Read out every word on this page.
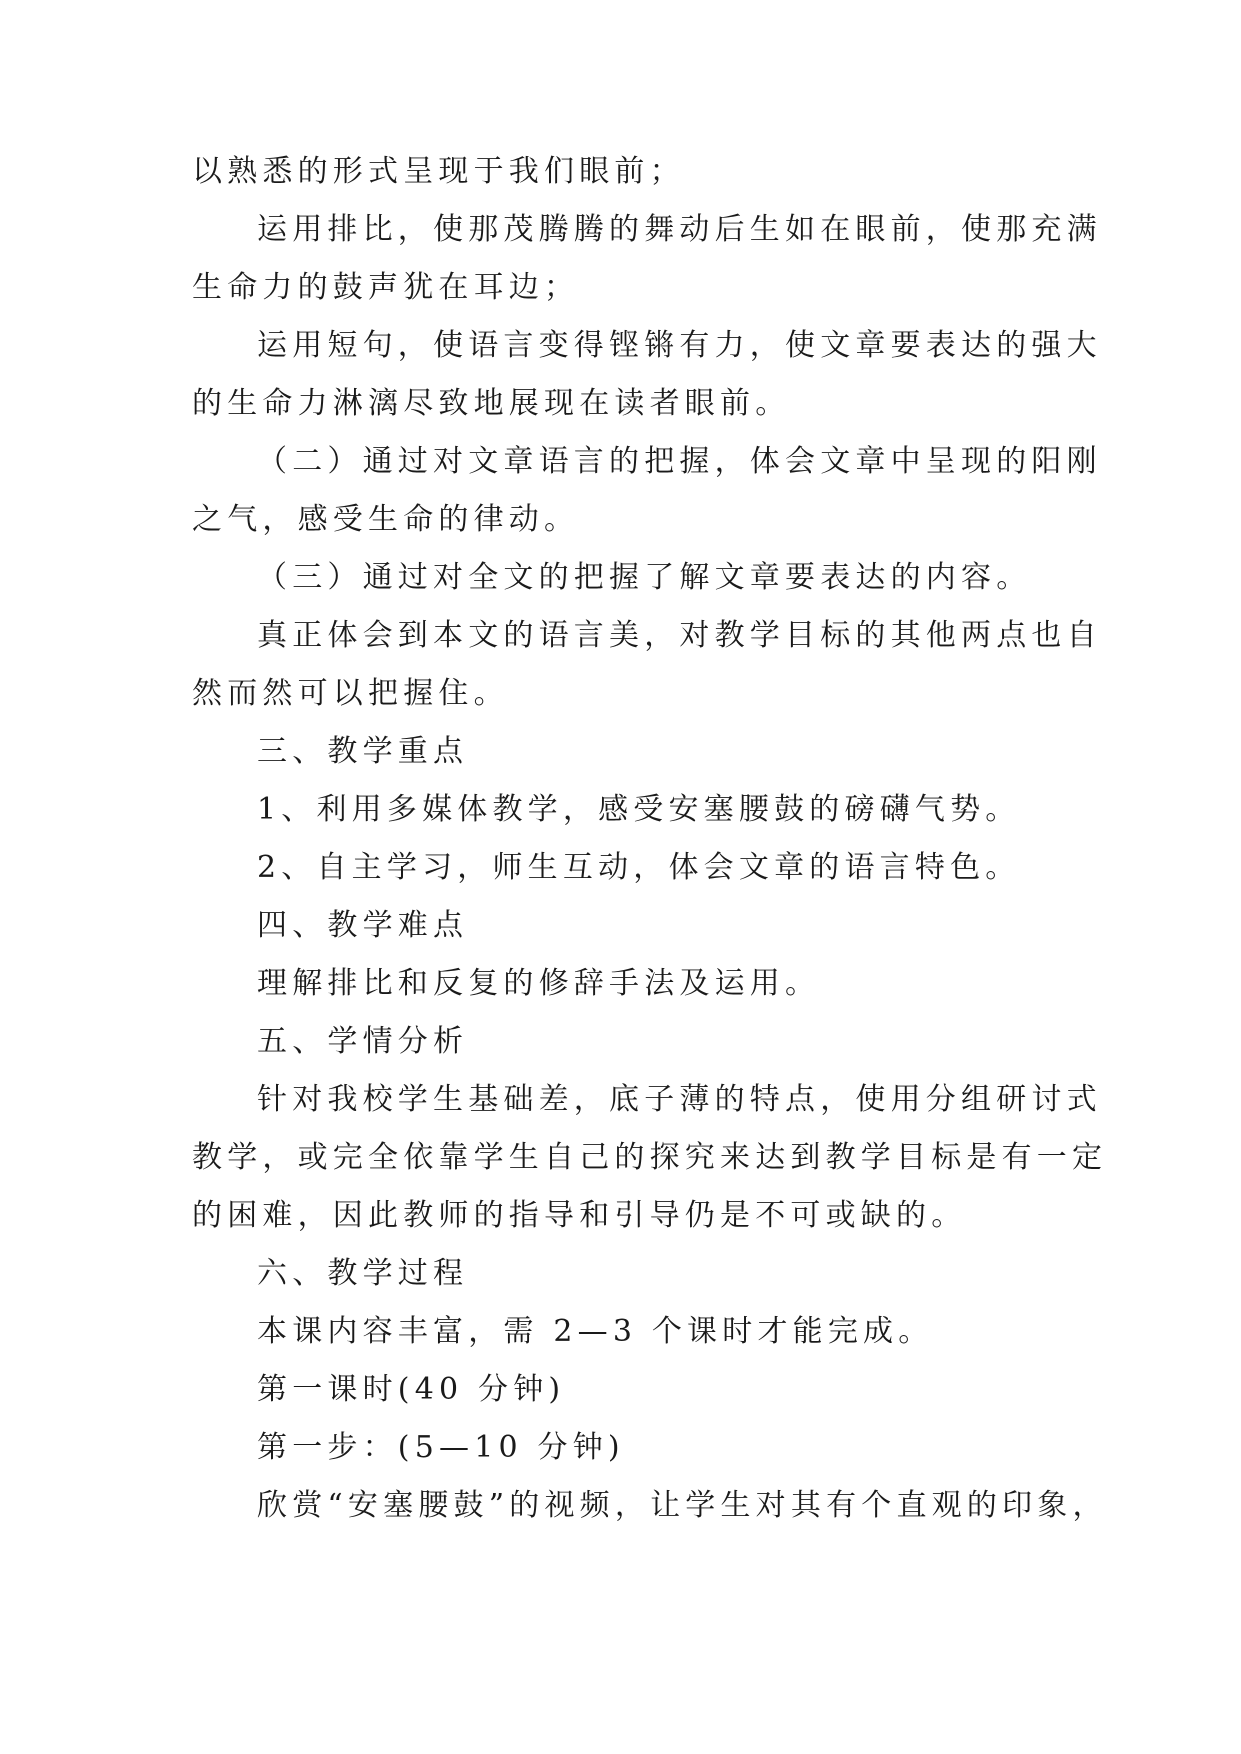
以熟悉的形式呈现于我们眼前；
运用排比，使那茂腾腾的舞动后生如在眼前，使那充满
生命力的鼓声犹在耳边；
运用短句，使语言变得铿锵有力，使文章要表达的强大
的生命力淋漓尽致地展现在读者眼前。
（二）通过对文章语言的把握，体会文章中呈现的阳刚
之气，感受生命的律动。
（三）通过对全文的把握了解文章要表达的内容。
真正体会到本文的语言美，对教学目标的其他两点也自
然而然可以把握住。
三、教学重点
1、利用多媒体教学，感受安塞腰鼓的磅礴气势。
2、自主学习，师生互动，体会文章的语言特色。
四、教学难点
理解排比和反复的修辞手法及运用。
五、学情分析
针对我校学生基础差，底子薄的特点，使用分组研讨式
教学，或完全依靠学生自己的探究来达到教学目标是有一定
的困难，因此教师的指导和引导仍是不可或缺的。
六、教学过程
本课内容丰富，需 2—3 个课时才能完成。
第一课时(40 分钟)
第一步：(5—10 分钟)
欣赏“安塞腰鼓”的视频，让学生对其有个直观的印象，
